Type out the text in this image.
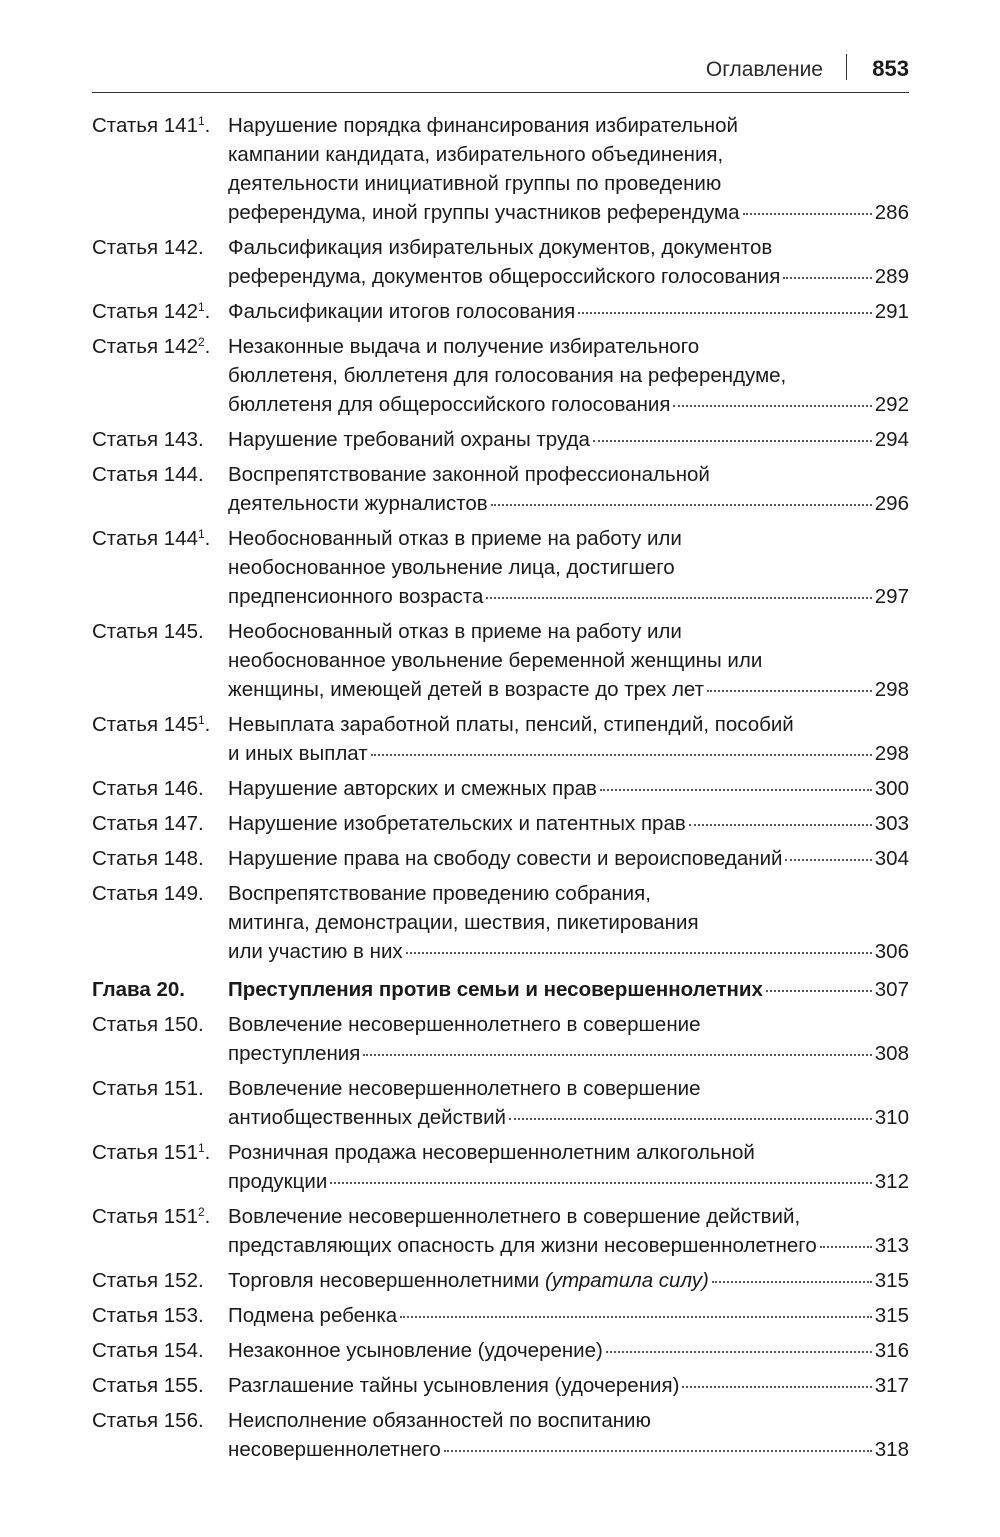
Оглавление 853
Статья $141^1$. Нарушение порядка финансирования избирательной
кампании кандидата, избирательного объединения,
деятельности инициативной группы по проведению
референдума, иной группы участников референдума	286
Статья 142.	Фальсификация избирательных документов, документов
референдума, документов общероссийского голосования	289
Статья $142^1$. Фальсификации итогов голосования	291
Статья $142^2$. Незаконные выдача и получение избирательного
бюллетеня, бюллетеня для голосования на референдуме,
бюллетеня для общероссийского голосования	292
Статья 143.	Нарушение требований охраны труда	294
Статья 144.	Воспрепятствование законной профессиональной
деятельности журналистов	296
Статья $144^1$. Необоснованный отказ в приеме на работу или
необоснованное увольнение лица, достигшего
предпенсионного возраста	297
Статья 145.	Необоснованный отказ в приеме на работу или
необоснованное увольнение беременной женщины или
женщины, имеющей детей в возрасте до трех лет	298
Статья $145^1$. Невыплата заработной платы, пенсий, стипендий, пособий
и иных выплат	298
Статья 146.	Нарушение авторских и смежных прав	300
Статья 147.	Нарушение изобретательских и патентных прав	303
Статья 148.	Нарушение права на свободу совести и вероисповеданий	304
Статья 149.	Воспрепятствование проведению собрания,
митинга, демонстрации, шествия, пикетирования
или участию в них	306
Глава 20.	Преступления против семьи и несовершеннолетних	307
Статья 150.	Вовлечение несовершеннолетнего в совершение
преступления	308
Статья 151.	Вовлечение несовершеннолетнего в совершение
антиобщественных действий	310
Статья $151^1$. Розничная продажа несовершеннолетним алкогольной
продукции	312
Статья $151^2$. Вовлечение несовершеннолетнего в совершение действий,
представляющих опасность для жизни несовершеннолетнего	313
Статья 152.	Торговля несовершеннолетними
(утратила силу)	315
Статья 153.	Подмена ребенка	315
Статья 154.	Незаконное усыновление (удочерение)	316
Статья 155.	Разглашение тайны усыновления (удочерения)	317
Статья 156.	Неисполнение обязанностей по воспитанию
несовершеннолетнего	318
